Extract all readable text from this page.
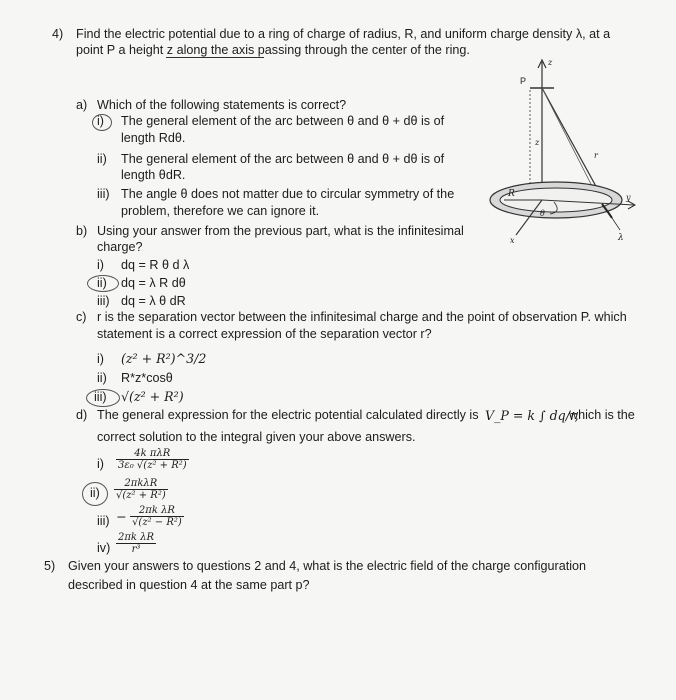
4) Find the electric potential due to a ring of charge of radius, R, and uniform charge density λ, at a
point P a height z along the axis passing through the center of the ring.
a) Which of the following statements is correct?
i) The general element of the arc between θ and θ + dθ is of
length Rdθ.
ii) The general element of the arc between θ and θ + dθ is of
length θdR.
iii) The angle θ does not matter due to circular symmetry of the
problem, therefore we can ignore it.
b) Using your answer from the previous part, what is the infinitesimal
charge?
i) dq = R θ d λ
ii) dq = λ R dθ
iii) dq = λ θ dR
c) r is the separation vector between the infinitesimal charge and the point of observation P. which
statement is a correct expression of the separation vector r?
i) (z² + R²)^3/2
ii) R*z*cosθ
iii) √(z² + R²)
d) The general expression for the electric potential calculated directly is V_P = k ∫ dq/r,
which is the
correct solution to the integral given your above answers.
$i) \frac{\text{4k πλR}}{\text{3ε₀ √(z² + R²)}}$
$ii) \frac{\text{2πkλR}}{\text{√(z² + R²)}}$
$iii) - \frac{\text{2πk λR}}{\text{√(z² − R²)}}$
$iv) \frac{\text{2πk λR}}{\text{r³}}$
5) Given your answers to questions 2 and 4, what is the electric field of the charge configuration
described in question 4 at the same part p?
P
z
z
r
R
θ
y
x	λ
